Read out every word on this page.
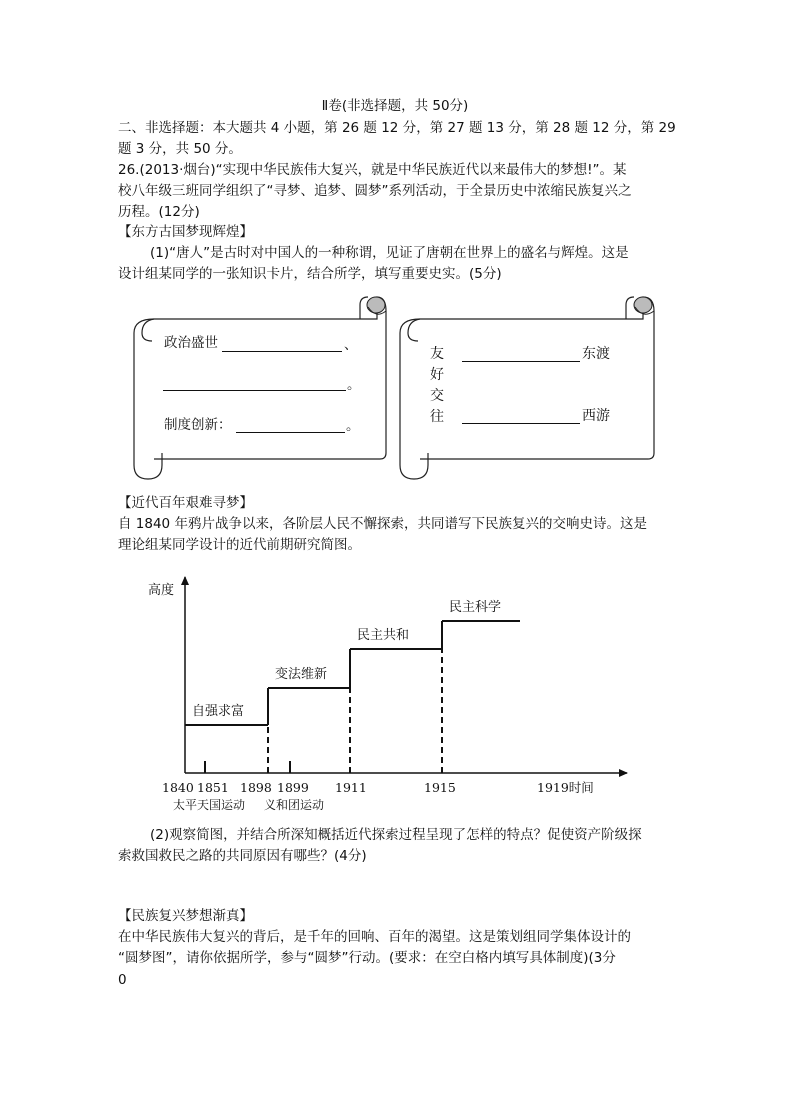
Ⅱ卷(非选择题，共 50分)
二、非选择题：本大题共 4 小题，第 26 题 12 分，第 27 题 13 分，第 28 题 12 分，第 29
题 3 分，共 50 分。
26.(2013·烟台)“实现中华民族伟大复兴，就是中华民族近代以来最伟大的梦想!”。某
校八年级三班同学组织了“寻梦、追梦、圆梦”系列活动，于全景历史中浓缩民族复兴之
历程。(12分)
【东方古国梦现辉煌】
(1)“唐人”是古时对中国人的一种称谓，见证了唐朝在世界上的盛名与辉煌。这是
设计组某同学的一张知识卡片，结合所学，填写重要史实。(5分)
政治盛世	、
。
制度创新：	。
友
好
交
往
东渡
西游
【近代百年艰难寻梦】
自 1840 年鸦片战争以来，各阶层人民不懈探索，共同谱写下民族复兴的交响史诗。这是
理论组某同学设计的近代前期研究简图。
高度
自强求富
变法维新
民主共和
民主科学
太平天国运动 义和团运动
1840 1851 1898 1899 1911	1915	1919时间
(2)观察简图，并结合所深知概括近代探索过程呈现了怎样的特点？促使资产阶级探
索救国救民之路的共同原因有哪些？(4分)
【民族复兴梦想渐真】
在中华民族伟大复兴的背后，是千年的回响、百年的渴望。这是策划组同学集体设计的
“圆梦图”，请你依据所学，参与“圆梦”行动。(要求：在空白格内填写具体制度)(3分
0
